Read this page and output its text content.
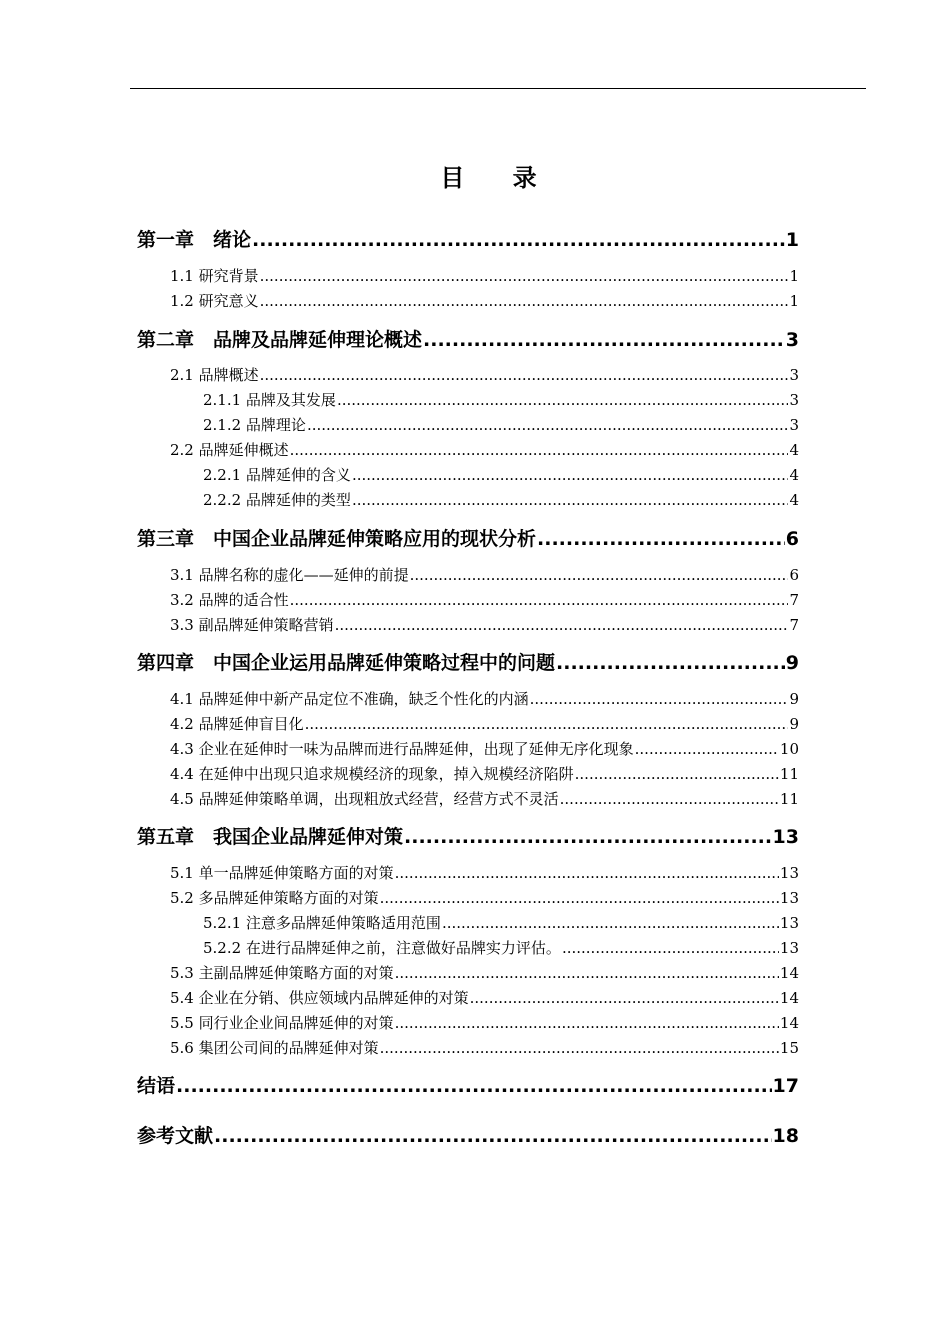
目 录
第一章　绪论 .....	1
1.1 研究背景 .....	1
1.2 研究意义 .....	1
第二章　品牌及品牌延伸理论概述 .....	3
2.1 品牌概述 .....	3
2.1.1 品牌及其发展 .....	3
2.1.2 品牌理论 .....	3
2.2 品牌延伸概述 .....	4
2.2.1 品牌延伸的含义 .....	4
2.2.2 品牌延伸的类型 .....	4
第三章　中国企业品牌延伸策略应用的现状分析 .....	6
3.1 品牌名称的虚化——延伸的前提 .....	6
3.2 品牌的适合性 .....	7
3.3 副品牌延伸策略营销 .....	7
第四章　中国企业运用品牌延伸策略过程中的问题 .....	9
4.1 品牌延伸中新产品定位不准确，缺乏个性化的内涵 .....	9
4.2 品牌延伸盲目化 .....	9
4.3 企业在延伸时一味为品牌而进行品牌延伸，出现了延伸无序化现象 .....	10
4.4 在延伸中出现只追求规模经济的现象，掉入规模经济陷阱 .....	11
4.5 品牌延伸策略单调，出现粗放式经营，经营方式不灵活 .....	11
第五章　我国企业品牌延伸对策 .....	13
5.1 单一品牌延伸策略方面的对策 .....	13
5.2 多品牌延伸策略方面的对策 .....	13
5.2.1 注意多品牌延伸策略适用范围 .....	13
5.2.2 在进行品牌延伸之前，注意做好品牌实力评估。 .....	13
5.3 主副品牌延伸策略方面的对策 .....	14
5.4 企业在分销、供应领域内品牌延伸的对策 .....	14
5.5 同行业企业间品牌延伸的对策 .....	14
5.6 集团公司间的品牌延伸对策 .....	15
结语 .....	17
参考文献 .....	18
